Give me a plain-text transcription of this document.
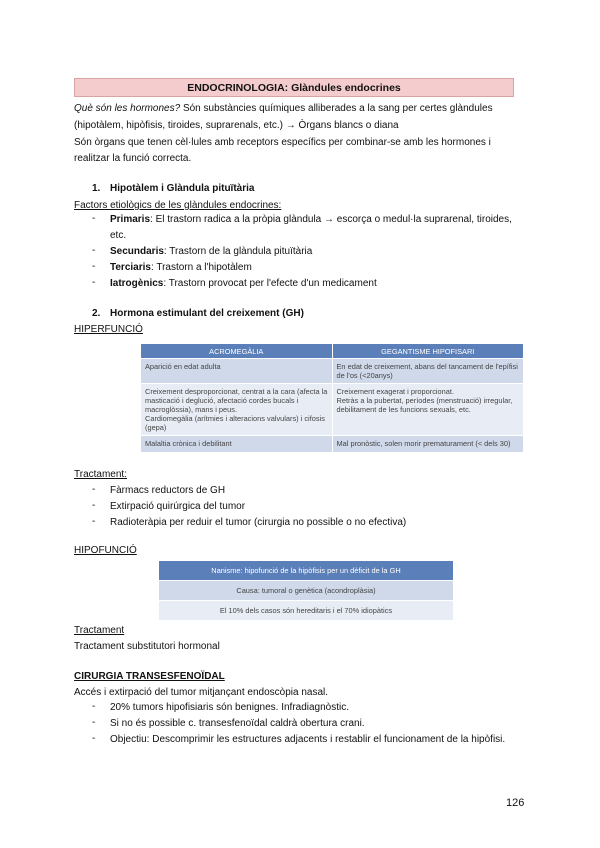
ENDOCRINOLOGIA: Glàndules endocrines
Què són les hormones? Són substàncies químiques alliberades a la sang per certes glàndules
(hipotàlem, hipòfisis, tiroides, suprarenals, etc.) → Òrgans blancs o diana
Són òrgans que tenen cèl·lules amb receptors específics per combinar-se amb les hormones i
realitzar la funció correcta.
1. Hipotàlem i Glàndula pituïtària
Factors etiològics de les glàndules endocrines:
- Primaris: El trastorn radica a la pròpia glàndula → escorça o medul·la suprarenal, tiroides,
etc.
- Secundaris: Trastorn de la glàndula pituïtària
- Terciaris: Trastorn a l'hipotàlem
- Iatrogènics: Trastorn provocat per l'efecte d'un medicament
2. Hormona estimulant del creixement (GH)
HIPERFUNCIÓ
ACROMEGÀLIA	GEGANTISME HIPOFISARI
Aparició en edat adulta	En edat de creixement, abans del tancament de l'epífisi
de l'os (<20anys)
Creixement desproporcionat, centrat a la cara (afecta la
masticació i deglució, afectació cordes bucals i
macroglòssia), mans i peus.
Cardiomegàlia (arítmies i alteracions valvulars) i cifosis
(gepa)	Creixement exagerat i proporcionat.
Retràs a la pubertat, períodes (menstruació) irregular,
debilitament de les funcions sexuals, etc.
Malaltia crònica i debilitant	Mal pronòstic, solen morir prematurament (< dels 30)
Tractament:
- Fàrmacs reductors de GH
- Extirpació quirúrgica del tumor
- Radioteràpia per reduir el tumor (cirurgia no possible o no efectiva)
HIPOFUNCIÓ
Nanisme: hipofunció de la hipòfisis per un dèficit de la GH
Causa: tumoral o genètica (acondroplàsia)
El 10% dels casos són hereditaris i el 70% idiopàtics
Tractament
Tractament substitutori hormonal
CIRURGIA TRANSESFENOÏDAL
Accés i extirpació del tumor mitjançant endoscòpia nasal.
- 20% tumors hipofisiaris són benignes. Infradiagnòstic.
- Si no és possible c. transesfenoïdal caldrà obertura crani.
- Objectiu: Descomprimir les estructures adjacents i restablir el funcionament de la hipòfisi.
126
